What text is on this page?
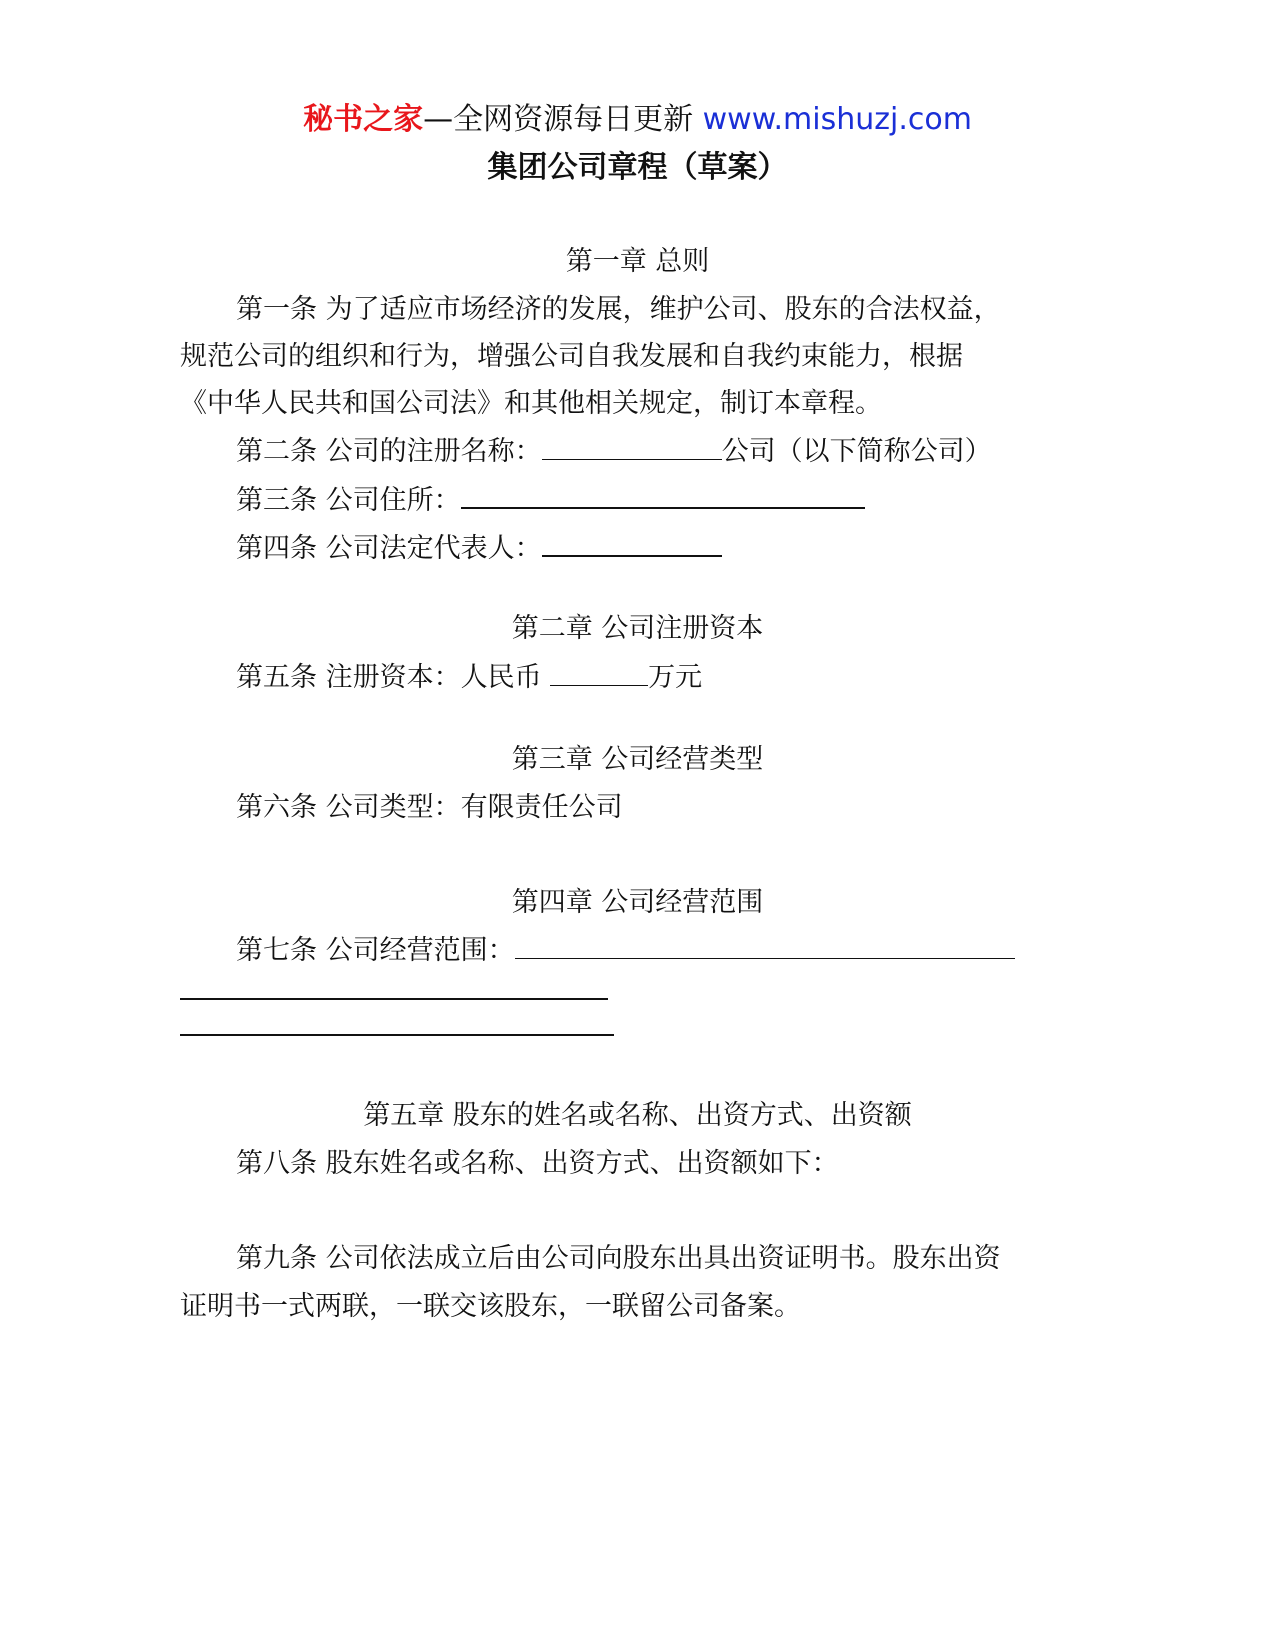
秘书之家—全网资源每日更新 www.mishuzj.com
集团公司章程（草案）
第一章 总则
第一条 为了适应市场经济的发展，维护公司、股东的合法权益，
规范公司的组织和行为，增强公司自我发展和自我约束能力，根据
《中华人民共和国公司法》和其他相关规定，制订本章程。
第二条 公司的注册名称：	公司（以下简称公司）
第三条 公司住所：
第四条 公司法定代表人：
第二章 公司注册资本
第五条 注册资本：人民币	万元
第三章 公司经营类型
第六条 公司类型：有限责任公司
第四章 公司经营范围
第七条 公司经营范围：
第五章 股东的姓名或名称、出资方式、出资额
第八条 股东姓名或名称、出资方式、出资额如下：
第九条 公司依法成立后由公司向股东出具出资证明书。股东出资
证明书一式两联，一联交该股东，一联留公司备案。
